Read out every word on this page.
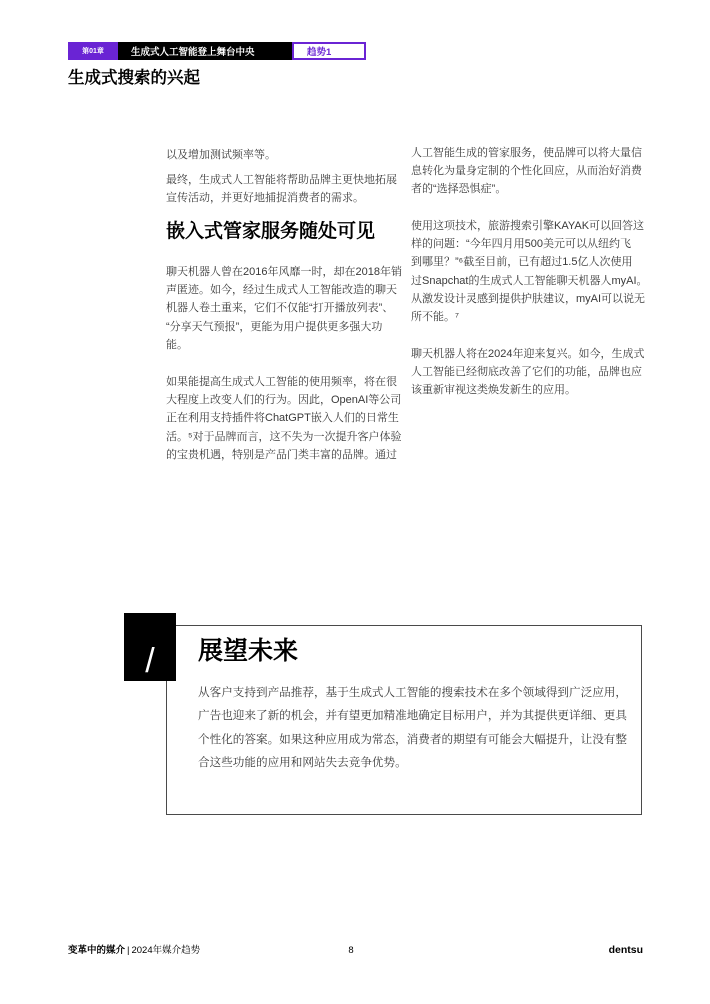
第01章	生成式人工智能登上舞台中央	趋势1
生成式搜索的兴起
以及增加测试频率等。
最终，生成式人工智能将帮助品牌主更快地拓展
宣传活动，并更好地捕捉消费者的需求。
嵌入式管家服务随处可见
聊天机器人曾在2016年风靡一时，却在2018年销
声匿迹。如今，经过生成式人工智能改造的聊天
机器人卷土重来，它们不仅能“打开播放列表”、
“分享天气预报”，更能为用户提供更多强大功
能。
如果能提高生成式人工智能的使用频率，将在很
大程度上改变人们的行为。因此，OpenAI等公司
正在利用支持插件将ChatGPT嵌入人们的日常生
活。⁵对于品牌而言，这不失为一次提升客户体验
的宝贵机遇，特别是产品门类丰富的品牌。通过
人工智能生成的管家服务，使品牌可以将大量信
息转化为量身定制的个性化回应，从而治好消费
者的“选择恐惧症”。
使用这项技术，旅游搜索引擎KAYAK可以回答这
样的问题：“今年四月用500美元可以从纽约飞
到哪里？”⁶截至目前，已有超过1.5亿人次使用
过Snapchat的生成式人工智能聊天机器人myAI。
从激发设计灵感到提供护肤建议，myAI可以说无
所不能。⁷
聊天机器人将在2024年迎来复兴。如今，生成式
人工智能已经彻底改善了它们的功能，品牌也应
该重新审视这类焕发新生的应用。
/	展望未来
从客户支持到产品推荐，基于生成式人工智能的搜索技术在多个领域得到广泛应用，
广告也迎来了新的机会，并有望更加精准地确定目标用户，并为其提供更详细、更具
个性化的答案。如果这种应用成为常态，消费者的期望有可能会大幅提升，让没有整
合这些功能的应用和网站失去竞争优势。
变革中的媒介 | 2024年媒介趋势	8	dentsu
